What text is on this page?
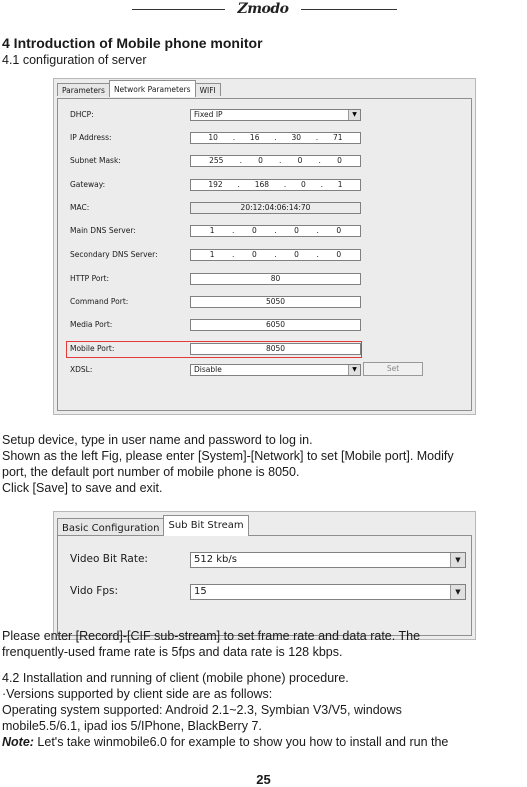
Zmodo
4 Introduction of Mobile phone monitor
4.1 configuration of server
Parameters	Network Parameters	WIFI
DHCP:	Fixed IP	▼
IP Address:	10 . 16 . 30 . 71
Subnet Mask:	255 . 0 . 0 . 0
Gateway:	192 . 168 . 0 . 1
MAC:	20:12:04:06:14:70
Main DNS Server:	1 . 0 . 0 . 0
Secondary DNS Server:	1 . 0 . 0 . 0
HTTP Port:	80
Command Port:	5050
Media Port:	6050
Mobile Port:	8050
XDSL:	Disable	▼	Set

Setup device, type in user name and password to log in.

Shown as the left Fig, please enter [System]-[Network] to set [Mobile port]. Modify

port, the default port number of mobile phone is 8050.

Click [Save] to save and exit.

Basic Configuration Sub Bit Stream
Video Bit Rate:	512 kb/s	▼
Vido Fps:	15	▼

Please enter [Record]-[CIF sub-stream] to set frame rate and data rate. The

frenquently-used frame rate is 5fps and data rate is 128 kbps.

4.2 Installation and running of client (mobile phone) procedure.

·Versions supported by client side are as follows:

Operating system supported: Android 2.1~2.3, Symbian V3/V5, windows

mobile5.5/6.1, ipad ios 5/IPhone, BlackBerry 7.

Note: Let's take winmobile6.0 for example to show you how to install and run the

25
